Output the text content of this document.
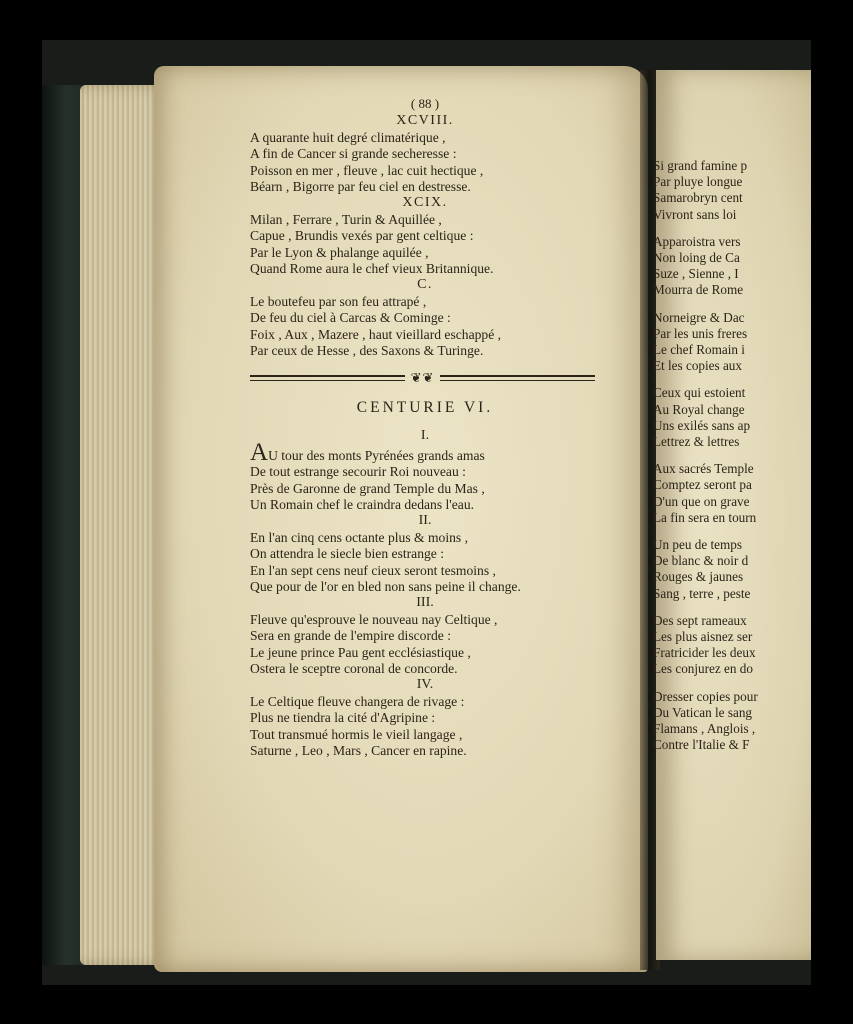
( 88 )
XCVIII.
A quarante huit degré climatérique ,
A fin de Cancer si grande secheresse :
Poisson en mer , fleuve , lac cuit hectique ,
Béarn , Bigorre par feu ciel en destresse.
XCIX.
Milan , Ferrare , Turin & Aquillée ,
Capue , Brundis vexés par gent celtique :
Par le Lyon & phalange aquilée ,
Quand Rome aura le chef vieux Britannique.
C.
Le boutefeu par son feu attrapé ,
De feu du ciel à Carcas & Cominge :
Foix , Aux , Mazere , haut vieillard eschappé ,
Par ceux de Hesse , des Saxons & Turinge.
❦❦
CENTURIE VI.
I.
AU tour des monts Pyrénées grands amas
De tout estrange secourir Roi nouveau :
Près de Garonne de grand Temple du Mas ,
Un Romain chef le craindra dedans l'eau.
II.
En l'an cinq cens octante plus & moins ,
On attendra le siecle bien estrange :
En l'an sept cens neuf cieux seront tesmoins ,
Que pour de l'or en bled non sans peine il change.
III.
Fleuve qu'esprouve le nouveau nay Celtique ,
Sera en grande de l'empire discorde :
Le jeune prince Pau gent ecclésiastique ,
Ostera le sceptre coronal de concorde.
IV.
Le Celtique fleuve changera de rivage :
Plus ne tiendra la cité d'Agripine :
Tout transmué hormis le vieil langage ,
Saturne , Leo , Mars , Cancer en rapine.
Si grand famine p
Par pluye longue
Samarobryn cent
Vivront sans loi
Apparoistra vers
Non loing de Ca
Suze , Sienne , I
Mourra de Rome
Norneigre & Dac
Par les unis freres
Le chef Romain i
Et les copies aux
Ceux qui estoient
Au Royal change
Uns exilés sans ap
Lettrez & lettres
Aux sacrés Temple
Comptez seront pa
D'un que on grave
La fin sera en tourn
Un peu de temps
De blanc & noir d
Rouges & jaunes
Sang , terre , peste
Des sept rameaux
Les plus aisnez ser
Fratricider les deux
Les conjurez en do
Dresser copies pour
Du Vatican le sang
Flamans , Anglois ,
Contre l'Italie & F
